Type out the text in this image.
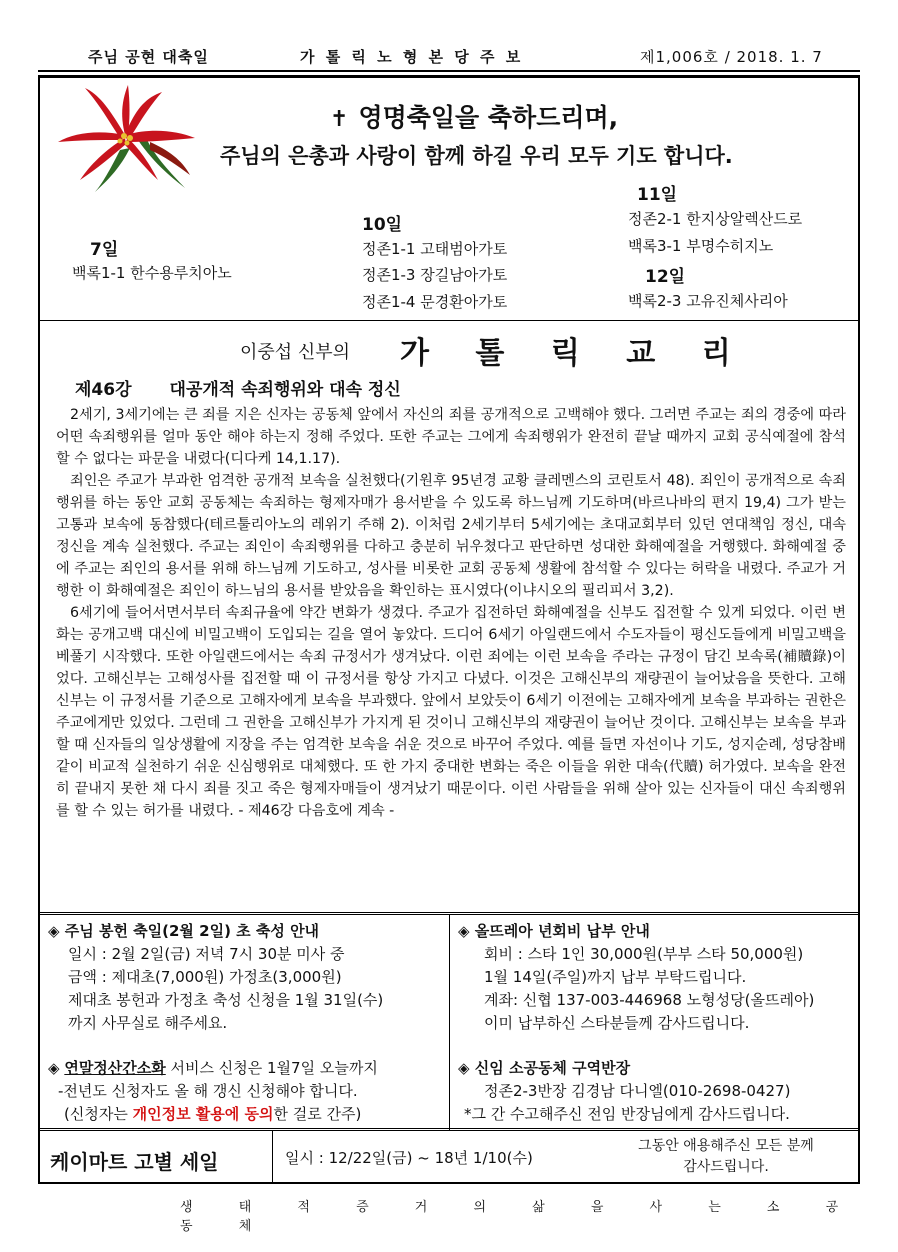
주님 공현 대축일	가 톨 릭 노 형 본 당 주 보	제1,006호 / 2018. 1. 7
✝ 영명축일을 축하드리며,
주님의 은총과 사랑이 함께 하길 우리 모두 기도 합니다.
7일
백록1-1 한수용루치아노
10일
정존1-1 고태범아가토
정존1-3 장길남아가토
정존1-4 문경환아가토
11일
정존2-1 한지상알렉산드로
백록3-1 부명수히지노
12일
백록2-3 고유진체사리아
이중섭 신부의 가 톨 릭 교 리
제46강 대공개적 속죄행위와 대속 정신

2세기, 3세기에는 큰 죄를 지은 신자는 공동체 앞에서 자신의 죄를 공개적으로 고백해야 했다. 그러면 주교는 죄의 경중에 따라 어떤 속죄행위를 얼마 동안 해야 하는지 정해 주었다. 또한 주교는 그에게 속죄행위가 완전히 끝날 때까지 교회 공식예절에 참석할 수 없다는 파문을 내렸다(디다케 14,1.17).

죄인은 주교가 부과한 엄격한 공개적 보속을 실천했다(기원후 95년경 교황 클레멘스의 코린토서 48). 죄인이 공개적으로 속죄행위를 하는 동안 교회 공동체는 속죄하는 형제자매가 용서받을 수 있도록 하느님께 기도하며(바르나바의 편지 19,4) 그가 받는 고통과 보속에 동참했다(테르툴리아노의 레위기 주해 2). 이처럼 2세기부터 5세기에는 초대교회부터 있던 연대책임 정신, 대속 정신을 계속 실천했다. 주교는 죄인이 속죄행위를 다하고 충분히 뉘우쳤다고 판단하면 성대한 화해예절을 거행했다. 화해예절 중에 주교는 죄인의 용서를 위해 하느님께 기도하고, 성사를 비롯한 교회 공동체 생활에 참석할 수 있다는 허락을 내렸다. 주교가 거행한 이 화해예절은 죄인이 하느님의 용서를 받았음을 확인하는 표시였다(이냐시오의 필리피서 3,2).

6세기에 들어서면서부터 속죄규율에 약간 변화가 생겼다. 주교가 집전하던 화해예절을 신부도 집전할 수 있게 되었다. 이런 변화는 공개고백 대신에 비밀고백이 도입되는 길을 열어 놓았다. 드디어 6세기 아일랜드에서 수도자들이 평신도들에게 비밀고백을 베풀기 시작했다. 또한 아일랜드에서는 속죄 규정서가 생겨났다. 이런 죄에는 이런 보속을 주라는 규정이 담긴 보속록(補贖錄)이었다. 고해신부는 고해성사를 집전할 때 이 규정서를 항상 가지고 다녔다. 이것은 고해신부의 재량권이 늘어났음을 뜻한다. 고해신부는 이 규정서를 기준으로 고해자에게 보속을 부과했다. 앞에서 보았듯이 6세기 이전에는 고해자에게 보속을 부과하는 권한은 주교에게만 있었다. 그런데 그 권한을 고해신부가 가지게 된 것이니 고해신부의 재량권이 늘어난 것이다. 고해신부는 보속을 부과할 때 신자들의 일상생활에 지장을 주는 엄격한 보속을 쉬운 것으로 바꾸어 주었다. 예를 들면 자선이나 기도, 성지순례, 성당참배 같이 비교적 실천하기 쉬운 신심행위로 대체했다. 또 한 가지 중대한 변화는 죽은 이들을 위한 대속(代贖) 허가였다. 보속을 완전히 끝내지 못한 채 다시 죄를 짓고 죽은 형제자매들이 생겨났기 때문이다. 이런 사람들을 위해 살아 있는 신자들이 대신 속죄행위를 할 수 있는 허가를 내렸다. - 제46강 다음호에 계속 -

◈ 주님 봉헌 축일(2월 2일) 초 축성 안내
일시 : 2월 2일(금) 저녁 7시 30분 미사 중
금액 : 제대초(7,000원) 가정초(3,000원)
제대초 봉헌과 가정초 축성 신청을 1월 31일(수)
까지 사무실로 해주세요.
◈ 연말정산간소화 서비스 신청은 1월7일 오늘까지
-전년도 신청자도 올 해 갱신 신청해야 합니다.
(신청자는 개인정보 활용에 동의한 걸로 간주)
◈ 올뜨레아 년회비 납부 안내
회비 : 스타 1인 30,000원(부부 스타 50,000원)
1월 14일(주일)까지 납부 부탁드립니다.
계좌: 신협 137-003-446968 노형성당(올뜨레아)
이미 납부하신 스타분들께 감사드립니다.
◈ 신임 소공동체 구역반장
정존2-3반장 김경남 다니엘(010-2698-0427)
*그 간 수고해주신 전임 반장님에게 감사드립니다.
케이마트 고별 세일	일시 : 12/22일(금) ~ 18년 1/10(수)
그동안 애용해주신 모든 분께
감사드립니다.
생 태 적 증 거 의 삶 을 사 는 소 공 동 체
